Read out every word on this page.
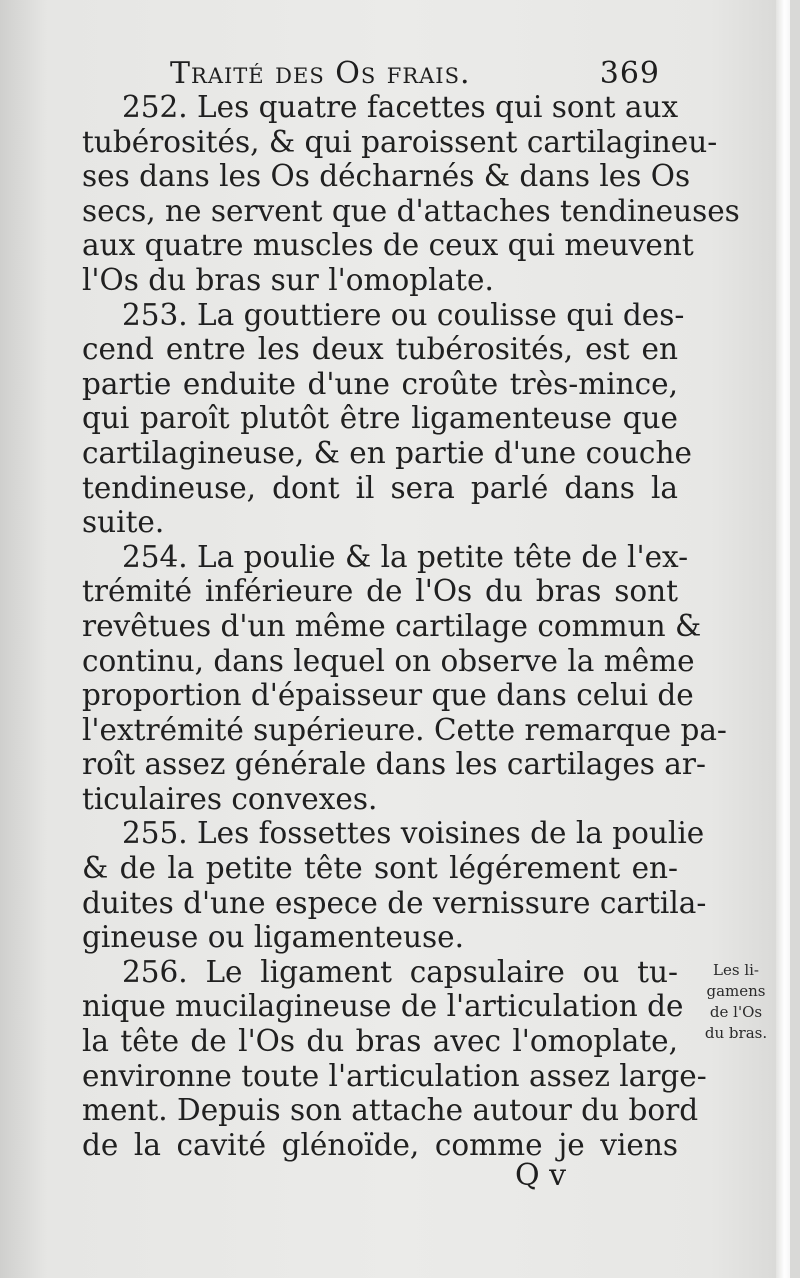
Traité des Os frais.	369
252. Les quatre facettes qui sont aux
tubérosités, & qui paroissent cartilagineu-
ses dans les Os décharnés & dans les Os
secs, ne servent que d'attaches tendineuses
aux quatre muscles de ceux qui meuvent
l'Os du bras sur l'omoplate.
253. La gouttiere ou coulisse qui des-
cend entre les deux tubérosités, est en
partie enduite d'une croûte très-mince,
qui paroît plutôt être ligamenteuse que
cartilagineuse, & en partie d'une couche
tendineuse, dont il sera parlé dans la
suite.
254. La poulie & la petite tête de l'ex-
trémité inférieure de l'Os du bras sont
revêtues d'un même cartilage commun &
continu, dans lequel on observe la même
proportion d'épaisseur que dans celui de
l'extrémité supérieure. Cette remarque pa-
roît assez générale dans les cartilages ar-
ticulaires convexes.
255. Les fossettes voisines de la poulie
& de la petite tête sont légérement en-
duites d'une espece de vernissure cartila-
gineuse ou ligamenteuse.
256. Le ligament capsulaire ou tu-
nique mucilagineuse de l'articulation de
la tête de l'Os du bras avec l'omoplate,
environne toute l'articulation assez large-
ment. Depuis son attache autour du bord
de la cavité glénoïde, comme je viens
Les li-
gamens
de l'Os
du bras.
Q v
